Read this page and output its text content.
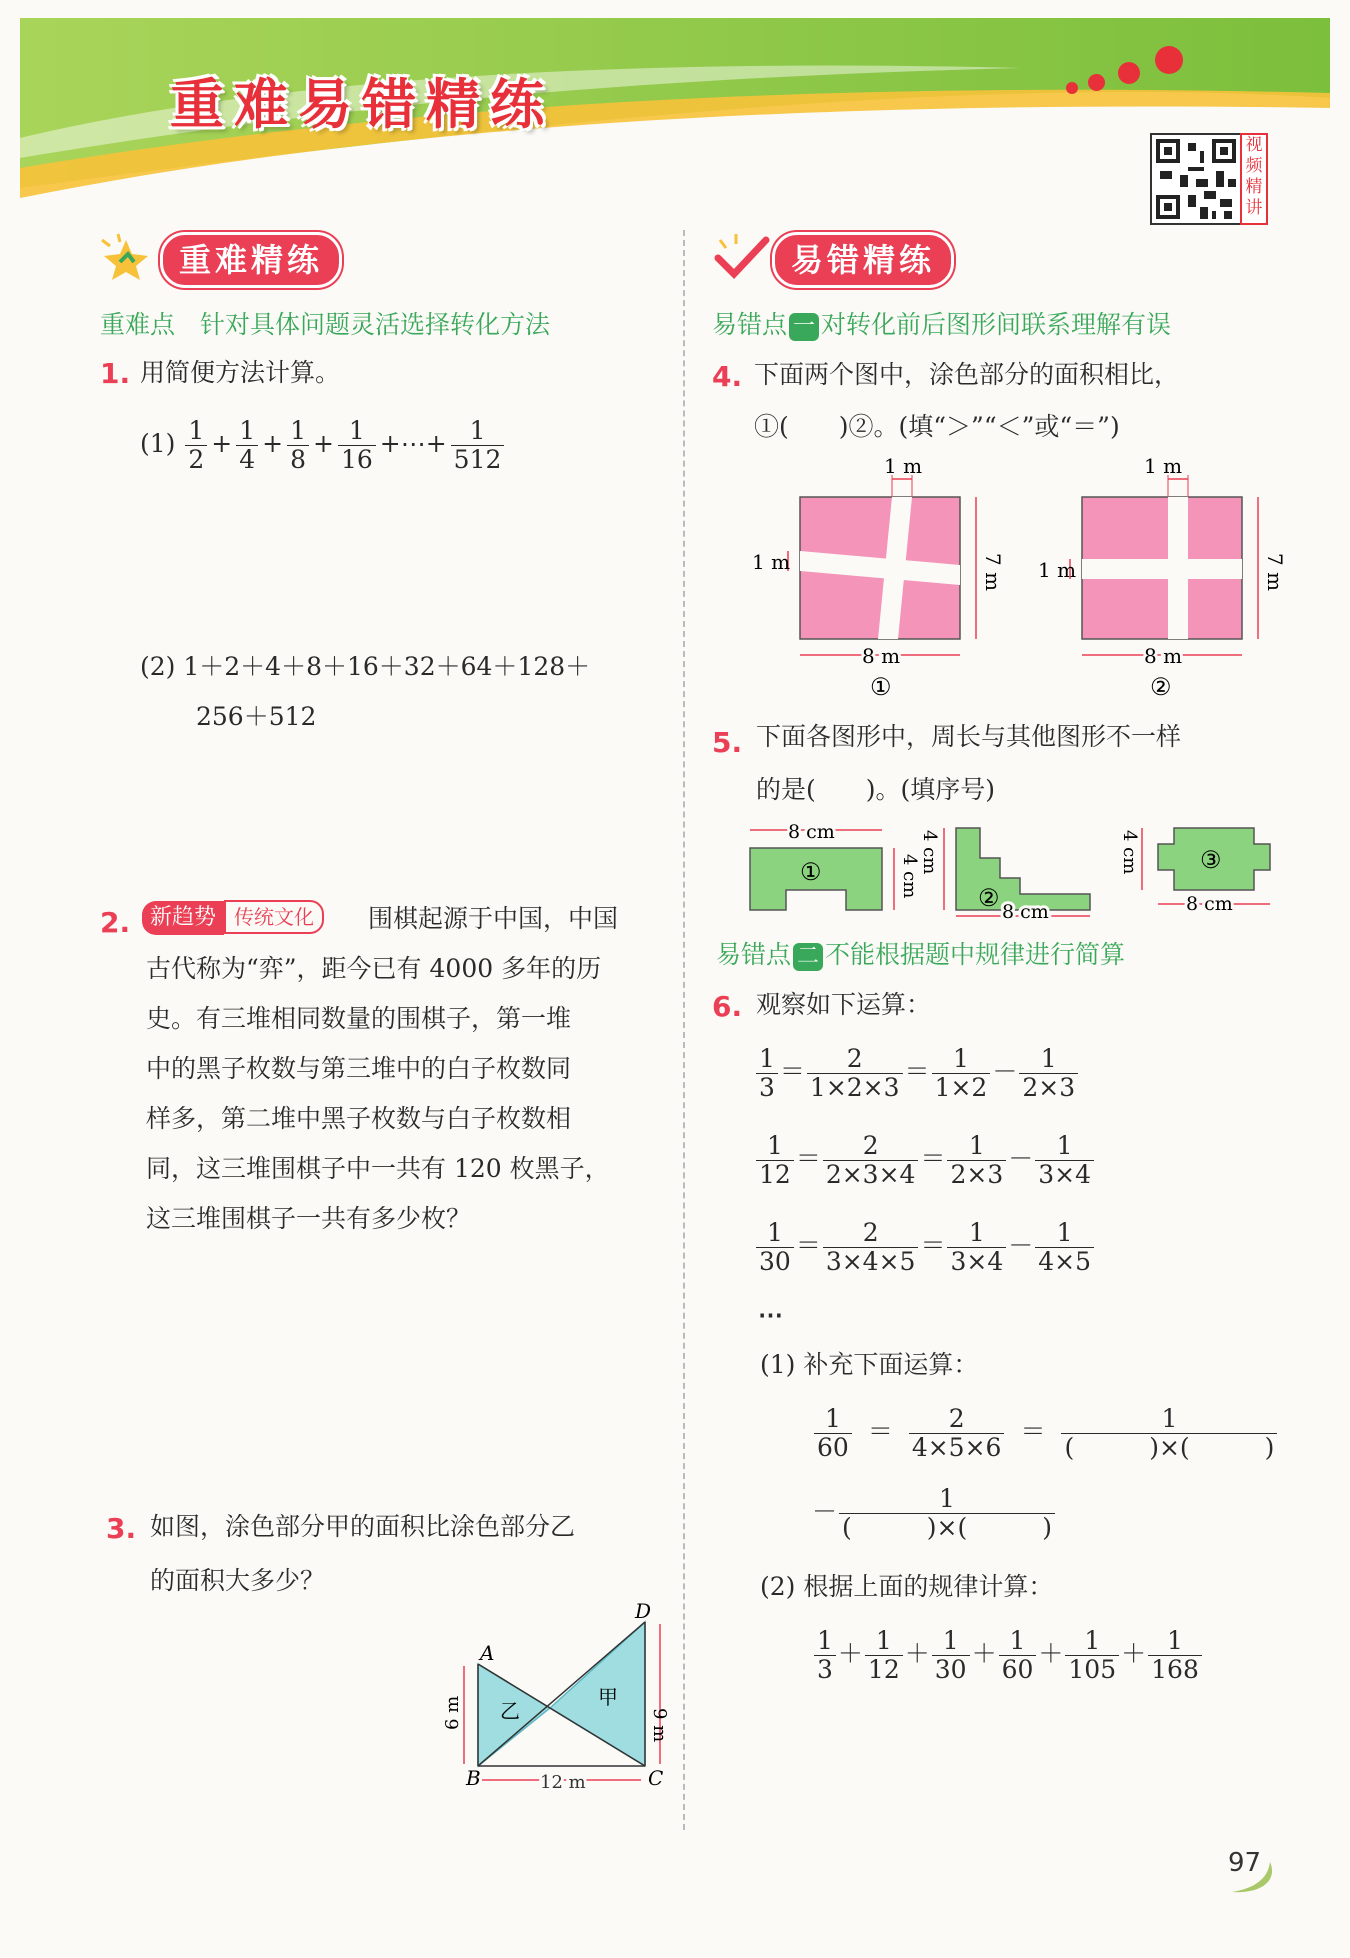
重难易错精练
视
频
精
讲
重难精练
重难点　针对具体问题灵活选择转化方法
1. 用简便方法计算。
$(1) \frac{1}{2} + \frac{1}{4} + \frac{1}{8} + \frac{1}{16}$ +⋯+ $\frac{1}{512}$
(2) 1＋2＋4＋8＋16＋32＋64＋128＋
256＋512
2. 新趋势 传统文化	围棋起源于中国，中国
古代称为“弈”，距今已有 4000 多年的历
史。有三堆相同数量的围棋子，第一堆
中的黑子枚数与第三堆中的白子枚数同
样多，第二堆中黑子枚数与白子枚数相
同，这三堆围棋子中一共有 120 枚黑子，
这三堆围棋子一共有多少枚？
3. 如图，涂色部分甲的面积比涂色部分乙
的面积大多少？
A
B	C
D
乙
甲
6 m	9 m
12 m
易错精练
易错点 一 对转化前后图形间联系理解有误
4. 下面两个图中，涂色部分的面积相比，
①(　　)②。(填“＞”“＜”或“＝”)
1 m
1 m	7 m
8 m
①
1 m
1 m	7 m
8 m
②
5. 下面各图形中，周长与其他图形不一样
的是(　　)。(填序号)
8 cm
4 cm
①	4 cm
8 cm
②
4 cm
8 cm
③
易错点 二 不能根据题中规律进行简算
6. 观察如下运算：
$\frac{1}{3} = \frac{2}{1\times 2\times 3} = \frac{1}{1\times 2} - \frac{1}{2\times 3}$
$\frac{1}{12} = \frac{2}{2\times 3\times 4} = \frac{1}{2\times 3} - \frac{1}{3\times 4}$
$\frac{1}{30} = \frac{2}{3\times 4\times 5} = \frac{1}{3\times 4} - \frac{1}{4\times 5}$
⋯
(1) 补充下面运算：
$\frac{1}{60} = \frac{2}{4\times 5\times 6} = \frac{1}{( )\times( )}$
－ $\frac{1}{( )\times( )}$
(2) 根据上面的规律计算：
$\frac{1}{3} + \frac{1}{12} + \frac{1}{30} + \frac{1}{60} + \frac{1}{105} + \frac{1}{168}$
97
